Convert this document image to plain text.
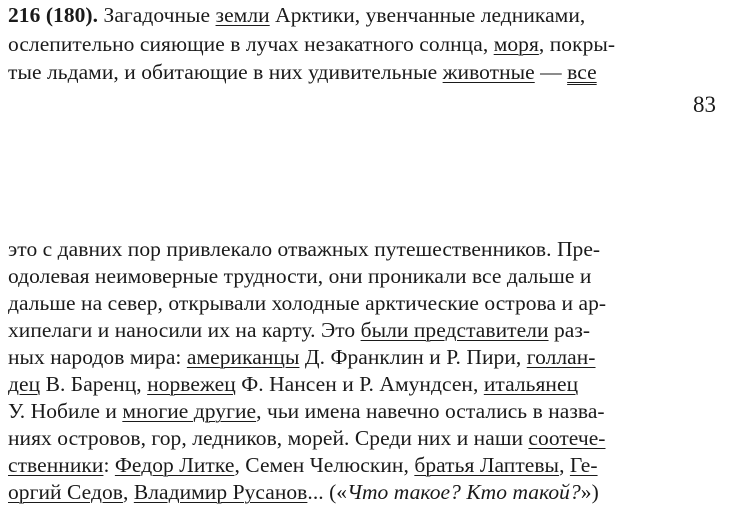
216 (180). Загадочные земли Арктики, увенчанные ледниками,
ослепительно сияющие в лучах незакатного солнца, моря, покры-
тые льдами, и обитающие в них удивительные животные — все
83
это с давних пор привлекало отважных путешественников. Пре-
одолевая неимоверные трудности, они проникали все дальше и
дальше на север, открывали холодные арктические острова и ар-
хипелаги и наносили их на карту. Это были представители раз-
ных народов мира: американцы Д. Франклин и Р. Пири, голлан-
дец В. Баренц, норвежец Ф. Нансен и Р. Амундсен, итальянец
У. Нобиле и многие другие, чьи имена навечно остались в назва-
ниях островов, гор, ледников, морей. Среди них и наши соотече-
ственники: Федор Литке, Семен Челюскин, братья Лаптевы, Ге-
оргий Седов, Владимир Русанов... («Что такое? Кто такой?»)
